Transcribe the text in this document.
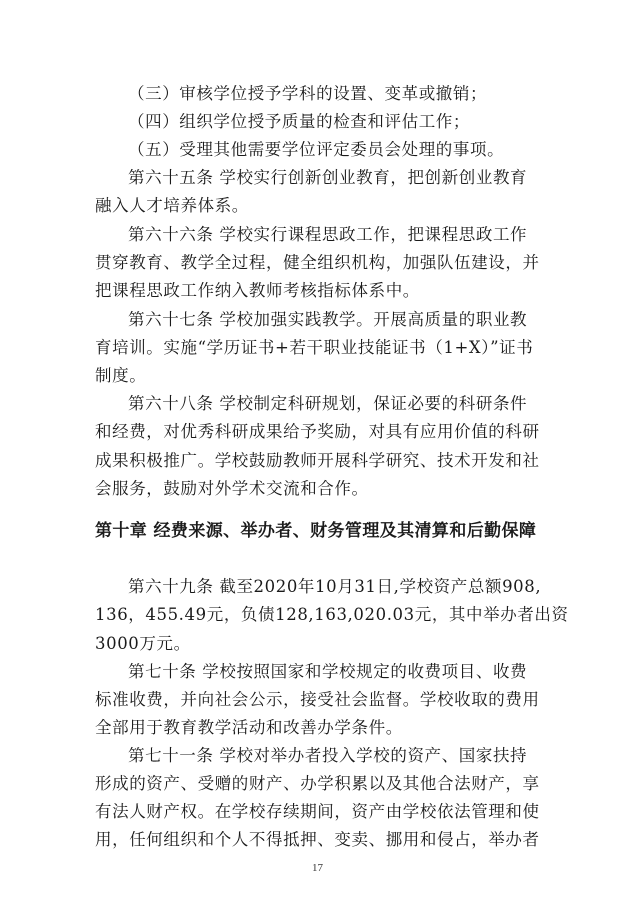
（三）审核学位授予学科的设置、变革或撤销；
（四）组织学位授予质量的检查和评估工作；
（五）受理其他需要学位评定委员会处理的事项。
第六十五条 学校实行创新创业教育，把创新创业教育
融入人才培养体系。
第六十六条 学校实行课程思政工作，把课程思政工作
贯穿教育、教学全过程，健全组织机构，加强队伍建设，并
把课程思政工作纳入教师考核指标体系中。
第六十七条 学校加强实践教学。开展高质量的职业教
育培训。实施“学历证书+若干职业技能证书（1+X）”证书
制度。
第六十八条 学校制定科研规划，保证必要的科研条件
和经费，对优秀科研成果给予奖励，对具有应用价值的科研
成果积极推广。学校鼓励教师开展科学研究、技术开发和社
会服务，鼓励对外学术交流和合作。
第十章 经费来源、举办者、财务管理及其清算和后勤保障
第六十九条 截至2020年10月31日,学校资产总额908,
136，455.49元，负债128,163,020.03元，其中举办者出资
3000万元。
第七十条 学校按照国家和学校规定的收费项目、收费
标准收费，并向社会公示，接受社会监督。学校收取的费用
全部用于教育教学活动和改善办学条件。
第七十一条 学校对举办者投入学校的资产、国家扶持
形成的资产、受赠的财产、办学积累以及其他合法财产，享
有法人财产权。在学校存续期间，资产由学校依法管理和使
用，任何组织和个人不得抵押、变卖、挪用和侵占，举办者
17
